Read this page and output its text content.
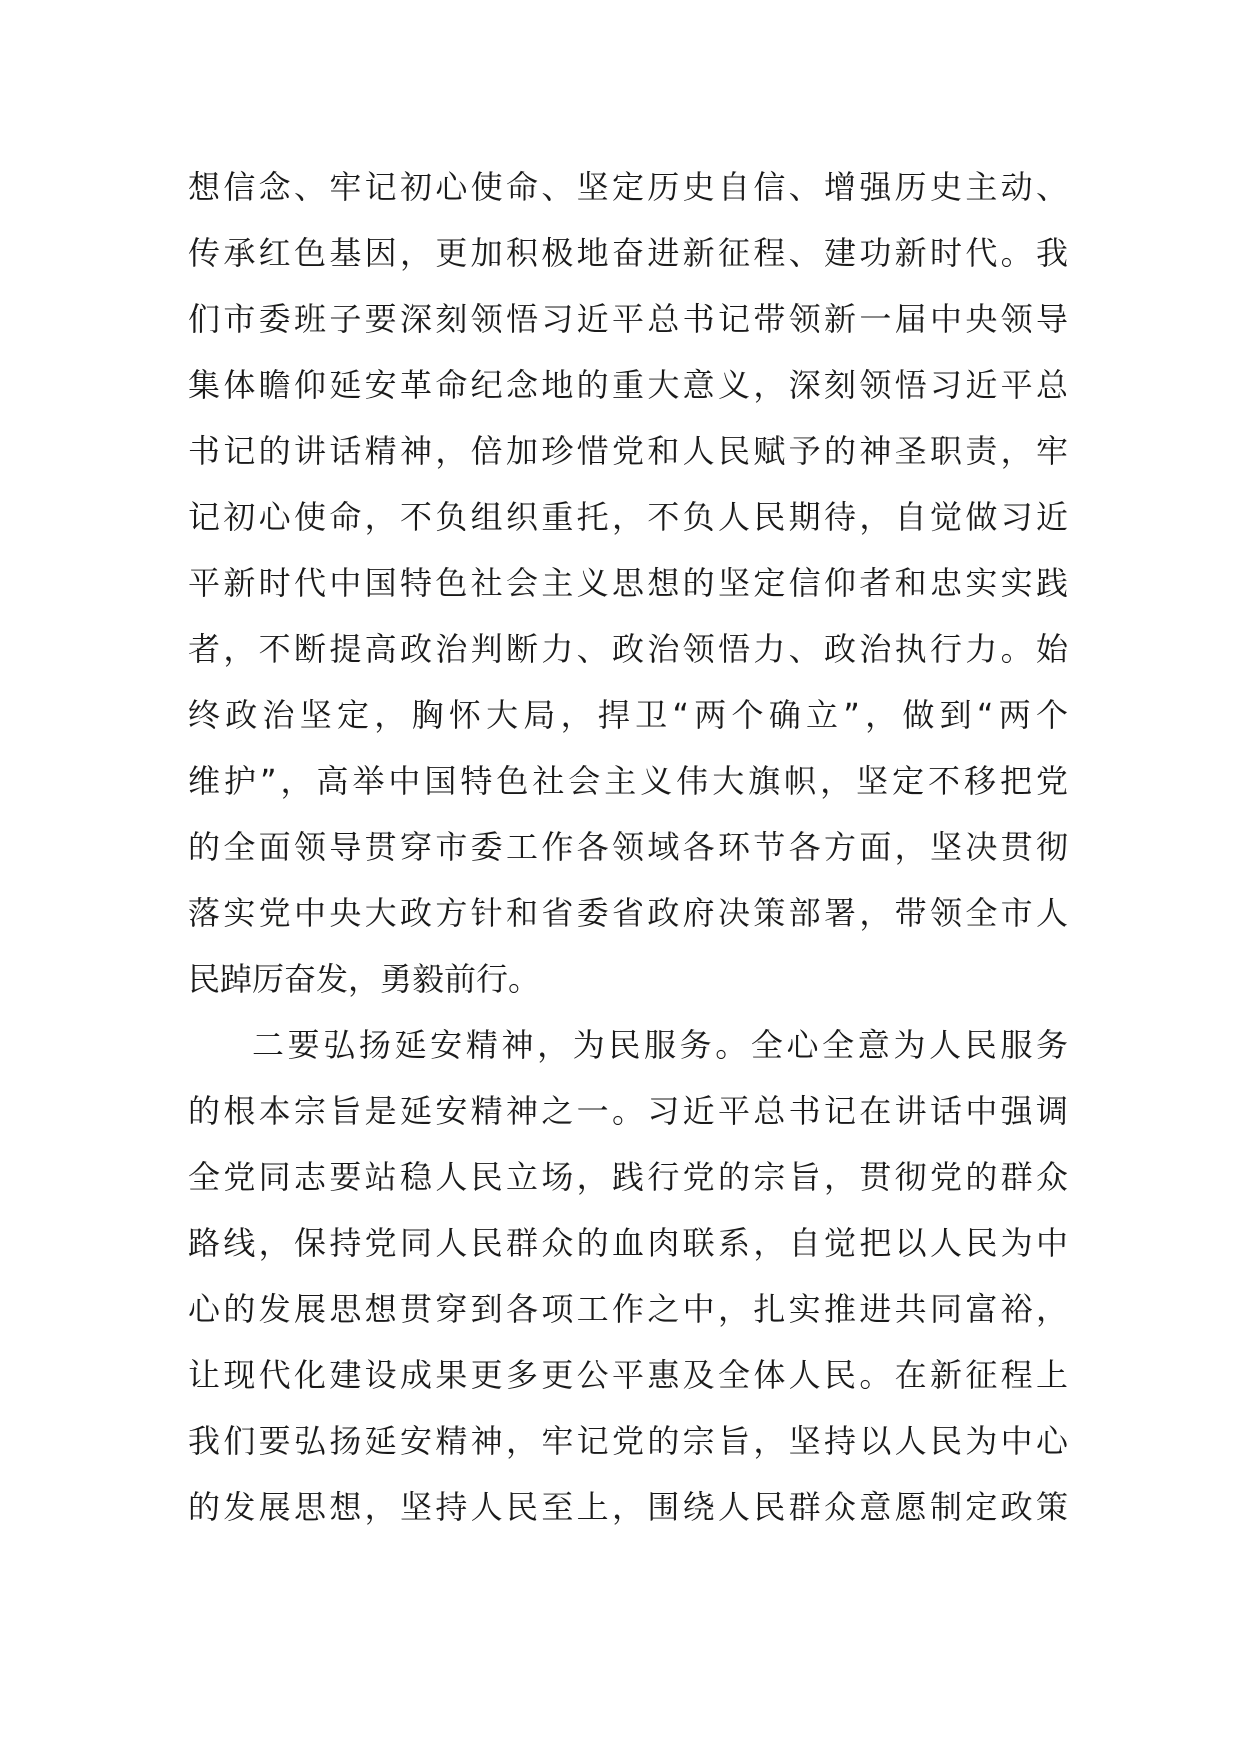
想信念、牢记初心使命、坚定历史自信、增强历史主动、
传承红色基因，更加积极地奋进新征程、建功新时代。我
们市委班子要深刻领悟习近平总书记带领新一届中央领导
集体瞻仰延安革命纪念地的重大意义，深刻领悟习近平总
书记的讲话精神，倍加珍惜党和人民赋予的神圣职责，牢
记初心使命，不负组织重托，不负人民期待，自觉做习近
平新时代中国特色社会主义思想的坚定信仰者和忠实实践
者，不断提高政治判断力、政治领悟力、政治执行力。始
终政治坚定，胸怀大局，捍卫“两个确立”，做到“两个
维护”，高举中国特色社会主义伟大旗帜，坚定不移把党
的全面领导贯穿市委工作各领域各环节各方面，坚决贯彻
落实党中央大政方针和省委省政府决策部署，带领全市人
民踔厉奋发，勇毅前行。
二要弘扬延安精神，为民服务。全心全意为人民服务
的根本宗旨是延安精神之一。习近平总书记在讲话中强调
全党同志要站稳人民立场，践行党的宗旨，贯彻党的群众
路线，保持党同人民群众的血肉联系，自觉把以人民为中
心的发展思想贯穿到各项工作之中，扎实推进共同富裕，
让现代化建设成果更多更公平惠及全体人民。在新征程上
我们要弘扬延安精神，牢记党的宗旨，坚持以人民为中心
的发展思想，坚持人民至上，围绕人民群众意愿制定政策
